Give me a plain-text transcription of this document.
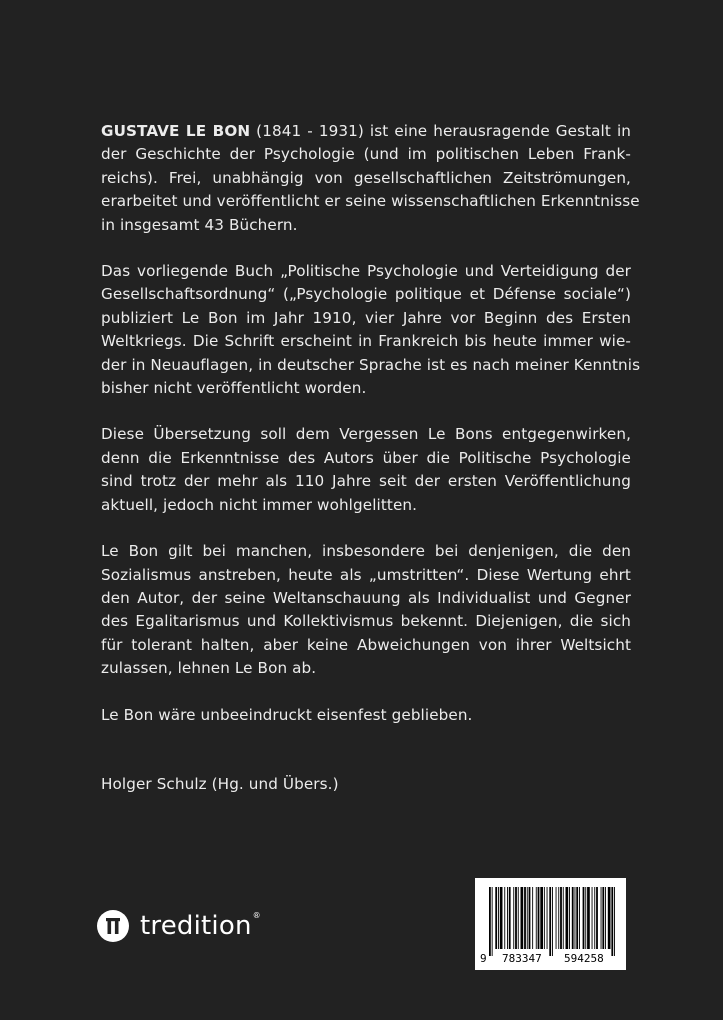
GUSTAVE LE BON (1841 - 1931) ist eine herausragende Gestalt in
der Geschichte der Psychologie (und im politischen Leben Frank-
reichs). Frei, unabhängig von gesellschaftlichen Zeitströmungen,
erarbeitet und veröffentlicht er seine wissenschaftlichen Erkenntnisse
in insgesamt 43 Büchern.

Das vorliegende Buch „Politische Psychologie und Verteidigung der
Gesellschaftsordnung“ („Psychologie politique et Défense sociale“)
publiziert Le Bon im Jahr 1910, vier Jahre vor Beginn des Ersten
Weltkriegs. Die Schrift erscheint in Frankreich bis heute immer wie-
der in Neuauflagen, in deutscher Sprache ist es nach meiner Kenntnis
bisher nicht veröffentlicht worden.

Diese Übersetzung soll dem Vergessen Le Bons entgegenwirken,
denn die Erkenntnisse des Autors über die Politische Psychologie
sind trotz der mehr als 110 Jahre seit der ersten Veröffentlichung
aktuell, jedoch nicht immer wohlgelitten.

Le Bon gilt bei manchen, insbesondere bei denjenigen, die den
Sozialismus anstreben, heute als „umstritten“. Diese Wertung ehrt
den Autor, der seine Weltanschauung als Individualist und Gegner
des Egalitarismus und Kollektivismus bekennt. Diejenigen, die sich
für tolerant halten, aber keine Abweichungen von ihrer Weltsicht
zulassen, lehnen Le Bon ab.

Le Bon wäre unbeeindruckt eisenfest geblieben.

Holger Schulz (Hg. und Übers.)

tredition®
9 783347 594258
